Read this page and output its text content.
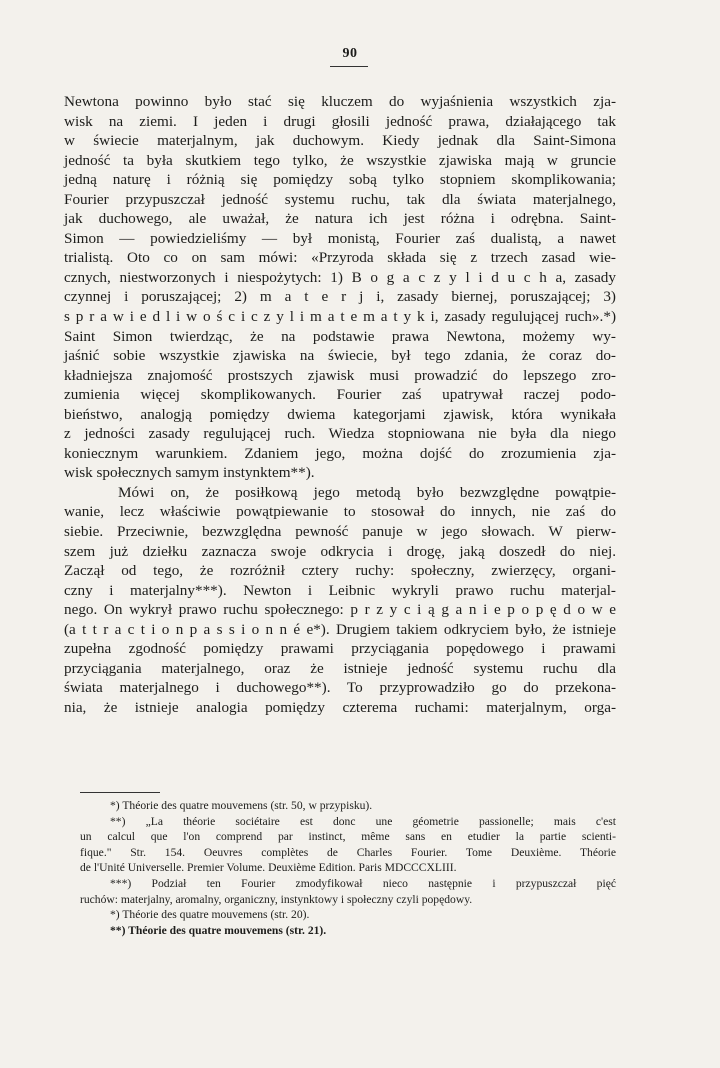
90
Newtona powinno było stać się kluczem do wyjaśnienia wszystkich zja-
wisk na ziemi. I jeden i drugi głosili jedność prawa, działającego tak
w świecie materjalnym, jak duchowym. Kiedy jednak dla Saint-Simona
jedność ta była skutkiem tego tylko, że wszystkie zjawiska mają w gruncie
jedną naturę i różnią się pomiędzy sobą tylko stopniem skomplikowania;
Fourier przypuszczał jedność systemu ruchu, tak dla świata materjalnego,
jak duchowego, ale uważał, że natura ich jest różna i odrębna. Saint-
Simon — powiedzieliśmy — był monistą, Fourier zaś dualistą, a nawet
trialistą. Oto co on sam mówi: «Przyroda składa się z trzech zasad wie-
cznych, niestworzonych i niespożytych: 1) B o g a c z y l i d u c h a, zasady
czynnej i poruszającej; 2) m a t e r j i, zasady biernej, poruszającej; 3)
s p r a w i e d l i w o ś c i c z y l i m a t e m a t y k i, zasady regulującej ruch».*)
Saint Simon twierdząc, że na podstawie prawa Newtona, możemy wy-
jaśnić sobie wszystkie zjawiska na świecie, był tego zdania, że coraz do-
kładniejsza znajomość prostszych zjawisk musi prowadzić do lepszego zro-
zumienia więcej skomplikowanych. Fourier zaś upatrywał raczej podo-
bieństwo, analogją pomiędzy dwiema kategorjami zjawisk, która wynikała
z jedności zasady regulującej ruch. Wiedza stopniowana nie była dla niego
koniecznym warunkiem. Zdaniem jego, można dojść do zrozumienia zja-
wisk społecznych samym instynktem**).
Mówi on, że posiłkową jego metodą było bezwzględne powątpie-
wanie, lecz właściwie powątpiewanie to stosował do innych, nie zaś do
siebie. Przeciwnie, bezwzględna pewność panuje w jego słowach. W pierw-
szem już dziełku zaznacza swoje odkrycia i drogę, jaką doszedł do niej.
Zaczął od tego, że rozróżnił cztery ruchy: społeczny, zwierzęcy, organi-
czny i materjalny***). Newton i Leibnic wykryli prawo ruchu materjal-
nego. On wykrył prawo ruchu społecznego: p r z y c i ą g a n i e p o p ę d o w e
(a t t r a c t i o n p a s s i o n n é e*). Drugiem takiem odkryciem było, że istnieje
zupełna zgodność pomiędzy prawami przyciągania popędowego i prawami
przyciągania materjalnego, oraz że istnieje jedność systemu ruchu dla
świata materjalnego i duchowego**). To przyprowadziło go do przekona-
nia, że istnieje analogia pomiędzy czterema ruchami: materjalnym, orga-
*) Théorie des quatre mouvemens (str. 50, w przypisku).
**) „La théorie sociétaire est donc une géometrie passionelle; mais c'est
un calcul que l'on comprend par instinct, même sans en etudier la partie scienti-
fique." Str. 154. Oeuvres complètes de Charles Fourier. Tome Deuxième. Théorie
de l'Unité Universelle. Premier Volume. Deuxième Edition. Paris MDCCCXLIII.
***) Podział ten Fourier zmodyfikował nieco następnie i przypuszczał pięć
ruchów: materjalny, aromalny, organiczny, instynktowy i społeczny czyli popędowy.
*) Théorie des quatre mouvemens (str. 20).
**) Théorie des quatre mouvemens (str. 21).
